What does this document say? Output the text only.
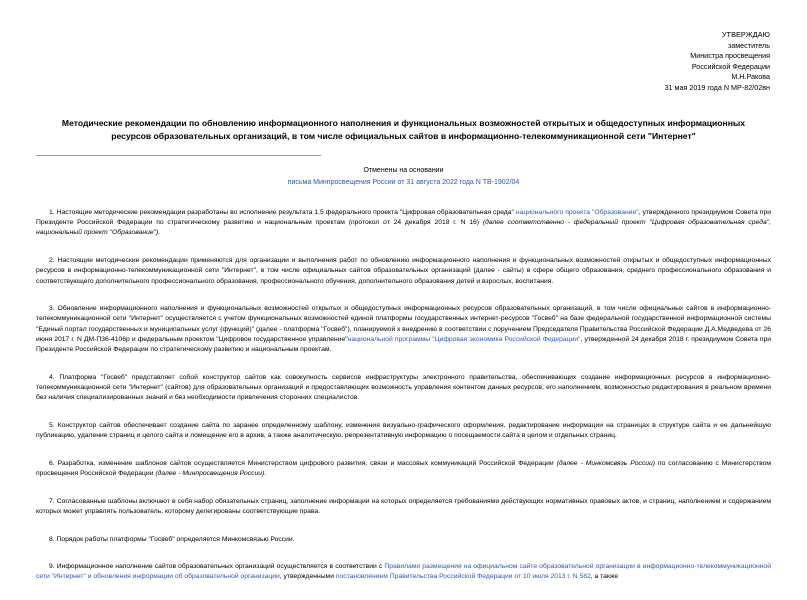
УТВЕРЖДАЮ
заместитель
Министра просвещения
Российской Федерации
М.Н.Ракова
31 мая 2019 года N МР-82/02вн
Методические рекомендации по обновлению информационного наполнения и функциональных возможностей открытых и общедоступных информационных
ресурсов образовательных организаций, в том числе официальных сайтов в информационно-телекоммуникационной сети "Интернет"
Отменены на основании
письма Минпросвещения России от 31 августа 2022 года N ТВ-1902/04

1. Настоящие методические рекомендации разработаны во исполнение результата 1.5 федерального проекта "Цифровая образовательная среда" национального проекта "Образование", утвержденного президиумом Совета при Президенте Российской Федерации по стратегическому развитию и национальным проектам (протокол от 24 декабря 2018 г. N 16) (далее соответственно - федеральный проект "Цифровая образовательная среда", национальный проект "Образование").

2. Настоящие методические рекомендации применяются для организации и выполнения работ по обновлению информационного наполнения и функциональных возможностей открытых и общедоступных информационных ресурсов в информационно-телекоммуникационной сети "Интернет", в том числе официальных сайтов образовательных организаций (далее - сайты) в сфере общего образования, среднего профессионального образования и соответствующего дополнительного профессионального образования, профессионального обучения, дополнительного образования детей и взрослых, воспитания.

3. Обновление информационного наполнения и функциональных возможностей открытых и общедоступных информационных ресурсов образовательных организаций, в том числе официальных сайтов в информационно-телекоммуникационной сети "Интернет" осуществляется с учетом функциональных возможностей единой платформы государственных интернет-ресурсов "Госвеб" на базе федеральной государственной информационной системы "Единый портал государственных и муниципальных услуг (функций)" (далее - платформа "Госвеб"), планируемой к внедрению в соответствии с поручением Председателя Правительства Российской Федерации Д.А.Медведева от 26 июня 2017 г. N ДМ-П36-4106р и федеральным проектом "Цифровое государственное управление"национальной программы "Цифровая экономика Российской Федерации", утвержденной 24 декабря 2018 г. президиумом Совета при Президенте Российской Федерации по стратегическому развитию и национальным проектам.

4. Платформа "Госвеб" представляет собой конструктор сайтов как совокупность сервисов инфраструктуры электронного правительства, обеспечивающих создание информационных ресурсов в информационно-телекоммуникационной сети "Интернет" (сайтов) для образовательных организаций и предоставляющих возможность управления контентом данных ресурсов, его наполнением, возможностью редактирования в реальном времени без наличия специализированных знаний и без необходимости привлечения сторонних специалистов.

5. Конструктор сайтов обеспечивает создание сайта по заранее определенному шаблону, изменения визуально-графического оформления, редактирование информации на страницах в структуре сайта и ее дальнейшую публикацию, удаление страниц и целого сайта и помещение его в архив, а также аналитическую, репрезентативную информацию о посещаемости сайта в целом и отдельных страниц.

6. Разработка, изменение шаблонов сайтов осуществляется Министерством цифрового развития, связи и массовых коммуникаций Российской Федерации (далее - Минкомсвязь России) по согласованию с Министерством просвещения Российской Федерации (далее - Минпросвещения России).

7. Согласованные шаблоны включают в себя набор обязательных страниц, заполнение информации на которых определяется требованиями действующих нормативных правовых актов, и страниц, наполнением и содержанием которых может управлять пользователь, которому делегированы соответствующие права.

8. Порядок работы платформы "Госвеб" определяется Минкомсвязью России.

9. Информационное наполнение сайтов образовательных организаций осуществляется в соответствии с Правилами размещения на официальном сайте образовательной организации в информационно-телекоммуникационной сети "Интернет" и обновления информации об образовательной организации, утвержденными постановлением Правительства Российской Федерации от 10 июля 2013 г. N 582, а также
